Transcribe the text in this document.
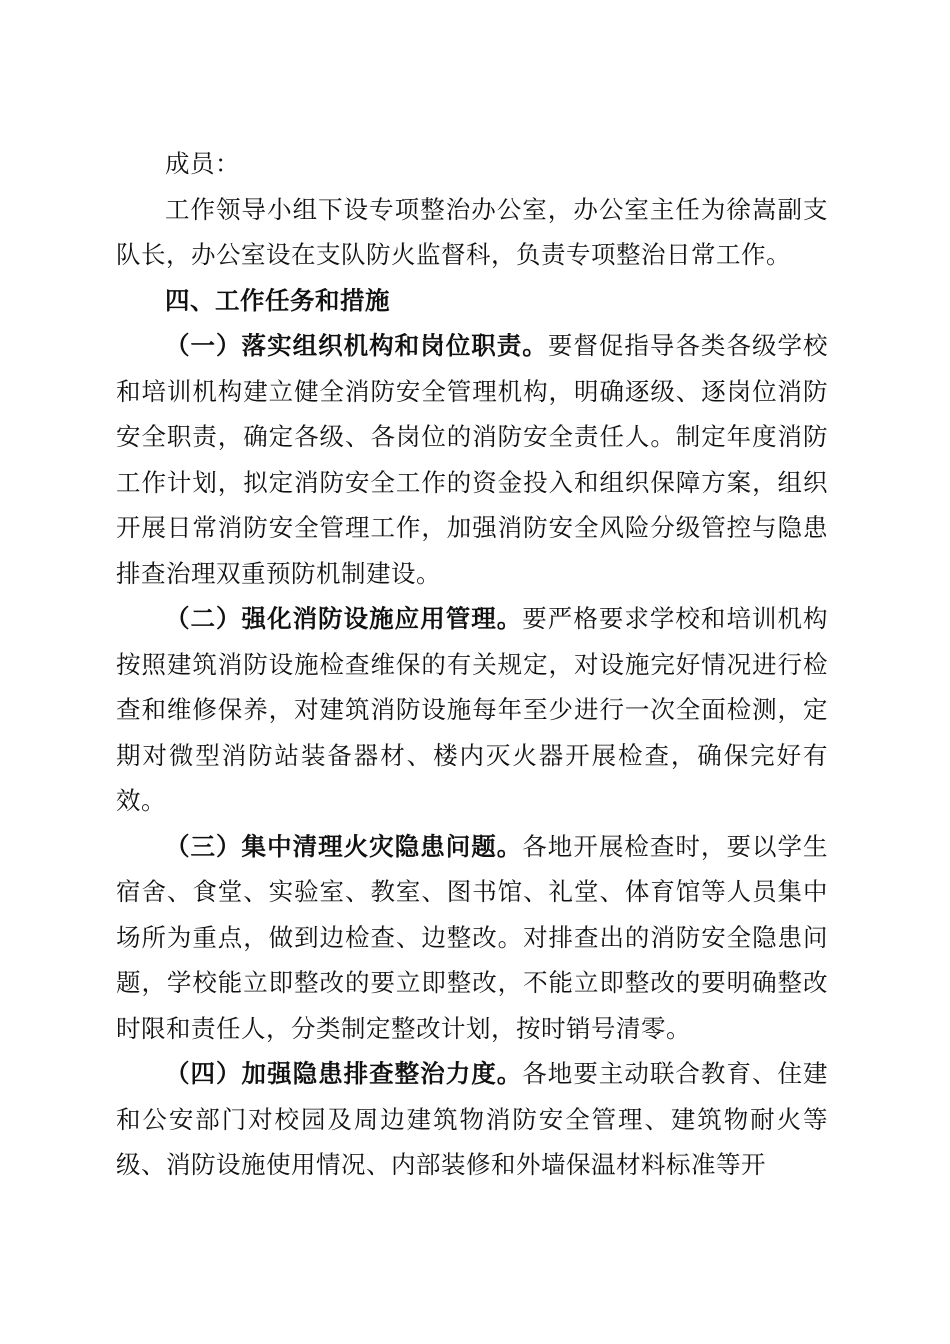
成员：

工作领导小组下设专项整治办公室，办公室主任为徐嵩副支队长，办公室设在支队防火监督科，负责专项整治日常工作。

四、工作任务和措施

（一）落实组织机构和岗位职责。要督促指导各类各级学校和培训机构建立健全消防安全管理机构，明确逐级、逐岗位消防安全职责，确定各级、各岗位的消防安全责任人。制定年度消防工作计划，拟定消防安全工作的资金投入和组织保障方案，组织开展日常消防安全管理工作，加强消防安全风险分级管控与隐患排查治理双重预防机制建设。

（二）强化消防设施应用管理。要严格要求学校和培训机构按照建筑消防设施检查维保的有关规定，对设施完好情况进行检查和维修保养，对建筑消防设施每年至少进行一次全面检测，定期对微型消防站装备器材、楼内灭火器开展检查，确保完好有效。

（三）集中清理火灾隐患问题。各地开展检查时，要以学生宿舍、食堂、实验室、教室、图书馆、礼堂、体育馆等人员集中场所为重点，做到边检查、边整改。对排查出的消防安全隐患问题，学校能立即整改的要立即整改，不能立即整改的要明确整改时限和责任人，分类制定整改计划，按时销号清零。

（四）加强隐患排查整治力度。各地要主动联合教育、住建和公安部门对校园及周边建筑物消防安全管理、建筑物耐火等级、消防设施使用情况、内部装修和外墙保温材料标准等开
